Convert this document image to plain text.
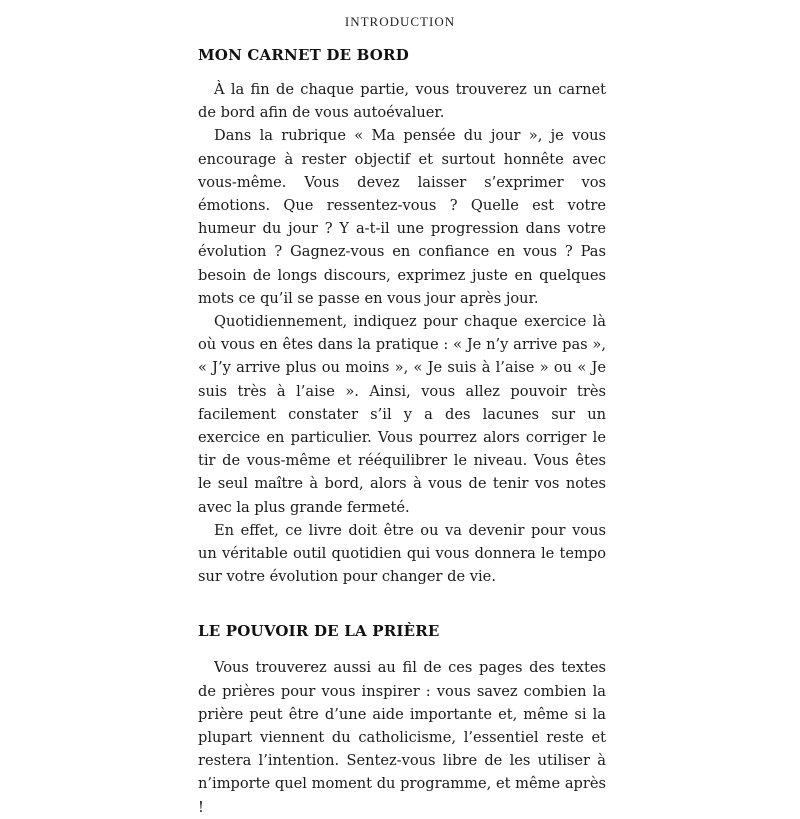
INTRODUCTION
MON CARNET DE BORD

À la fin de chaque partie, vous trouverez un carnet de bord afin de vous autoévaluer.

Dans la rubrique « Ma pensée du jour », je vous encourage à rester objectif et surtout honnête avec vous-même. Vous devez laisser s’exprimer vos émotions. Que ressentez-vous ? Quelle est votre humeur du jour ? Y a-t-il une progression dans votre évolution ? Gagnez-vous en confiance en vous ? Pas besoin de longs discours, exprimez juste en quelques mots ce qu’il se passe en vous jour après jour.

Quotidiennement, indiquez pour chaque exercice là où vous en êtes dans la pratique : « Je n’y arrive pas », « J’y arrive plus ou moins », « Je suis à l’aise » ou « Je suis très à l’aise ». Ainsi, vous allez pouvoir très facilement constater s’il y a des lacunes sur un exercice en particulier. Vous pourrez alors corriger le tir de vous-même et rééquilibrer le niveau. Vous êtes le seul maître à bord, alors à vous de tenir vos notes avec la plus grande fermeté.

En effet, ce livre doit être ou va devenir pour vous un véritable outil quotidien qui vous donnera le tempo sur votre évolution pour changer de vie.

LE POUVOIR DE LA PRIÈRE

Vous trouverez aussi au fil de ces pages des textes de prières pour vous inspirer : vous savez combien la prière peut être d’une aide importante et, même si la plupart viennent du catholicisme, l’essentiel reste et restera l’intention. Sentez-vous libre de les utiliser à n’importe quel moment du programme, et même après !
